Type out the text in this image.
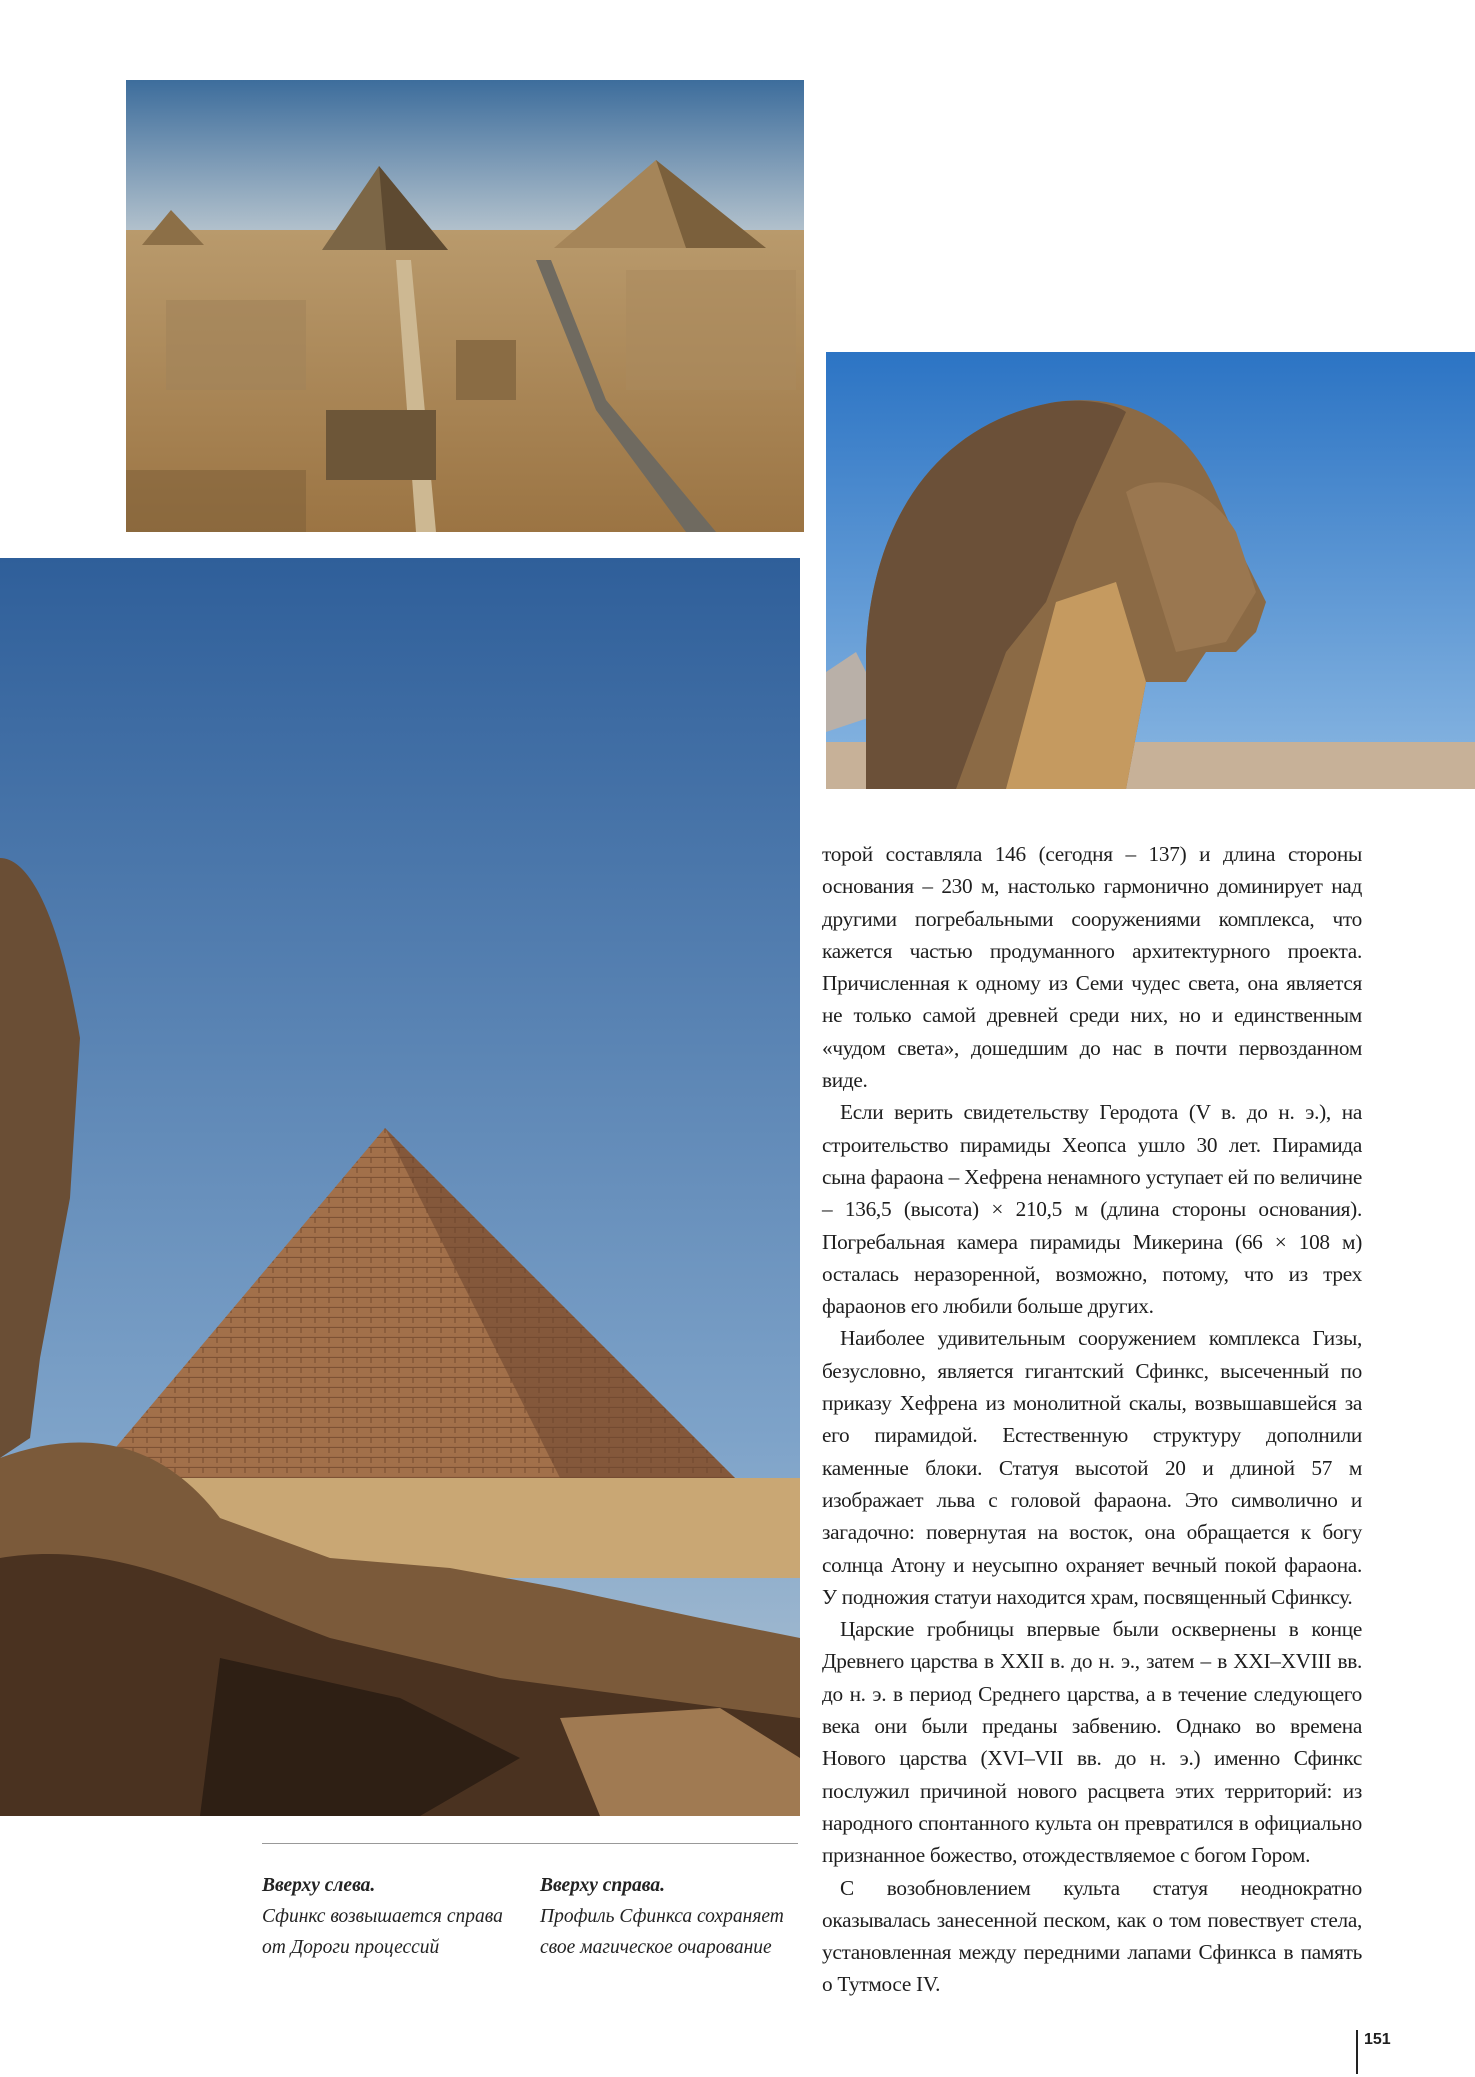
торой составляла 146 (сегодня – 137) и длина стороны основания – 230 м, настолько гармонично доминирует над другими погребальными сооружениями комплекса, что кажется частью продуманного архитектурного проекта. Причисленная к одному из Семи чудес света, она является не только самой древней среди них, но и единственным «чудом света», дошедшим до нас в почти первозданном виде.

Если верить свидетельству Геродота (V в. до н. э.), на строительство пирамиды Хеопса ушло 30 лет. Пирамида сына фараона – Хефрена ненамного уступает ей по величине – 136,5 (высота) × 210,5 м (длина стороны основания). Погребальная камера пирамиды Микерина (66 × 108 м) осталась неразоренной, возможно, потому, что из трех фараонов его любили больше других.

Наиболее удивительным сооружением комплекса Гизы, безусловно, является гигантский Сфинкс, высеченный по приказу Хефрена из монолитной скалы, возвышавшейся за его пирамидой. Естественную структуру дополнили каменные блоки. Статуя высотой 20 и длиной 57 м изображает льва с головой фараона. Это символично и загадочно: повернутая на восток, она обращается к богу солнца Атону и неусыпно охраняет вечный покой фараона. У подножия статуи находится храм, посвященный Сфинксу.

Царские гробницы впервые были осквернены в конце Древнего царства в XXII в. до н. э., затем – в XXI–XVIII вв. до н. э. в период Среднего царства, а в течение следующего века они были преданы забвению. Однако во времена Нового царства (XVI–VII вв. до н. э.) именно Сфинкс послужил причиной нового расцвета этих территорий: из народного спонтанного культа он превратился в официально признанное божество, отождествляемое с богом Гором.

С возобновлением культа статуя неоднократно оказывалась занесенной песком, как о том повествует стела, установленная между передними лапами Сфинкса в память о Тутмосе IV.

Вверху слева.
Сфинкс возвышается справа от Дороги процессий
Вверху справа.
Профиль Сфинкса сохраняет свое магическое очарование
151
